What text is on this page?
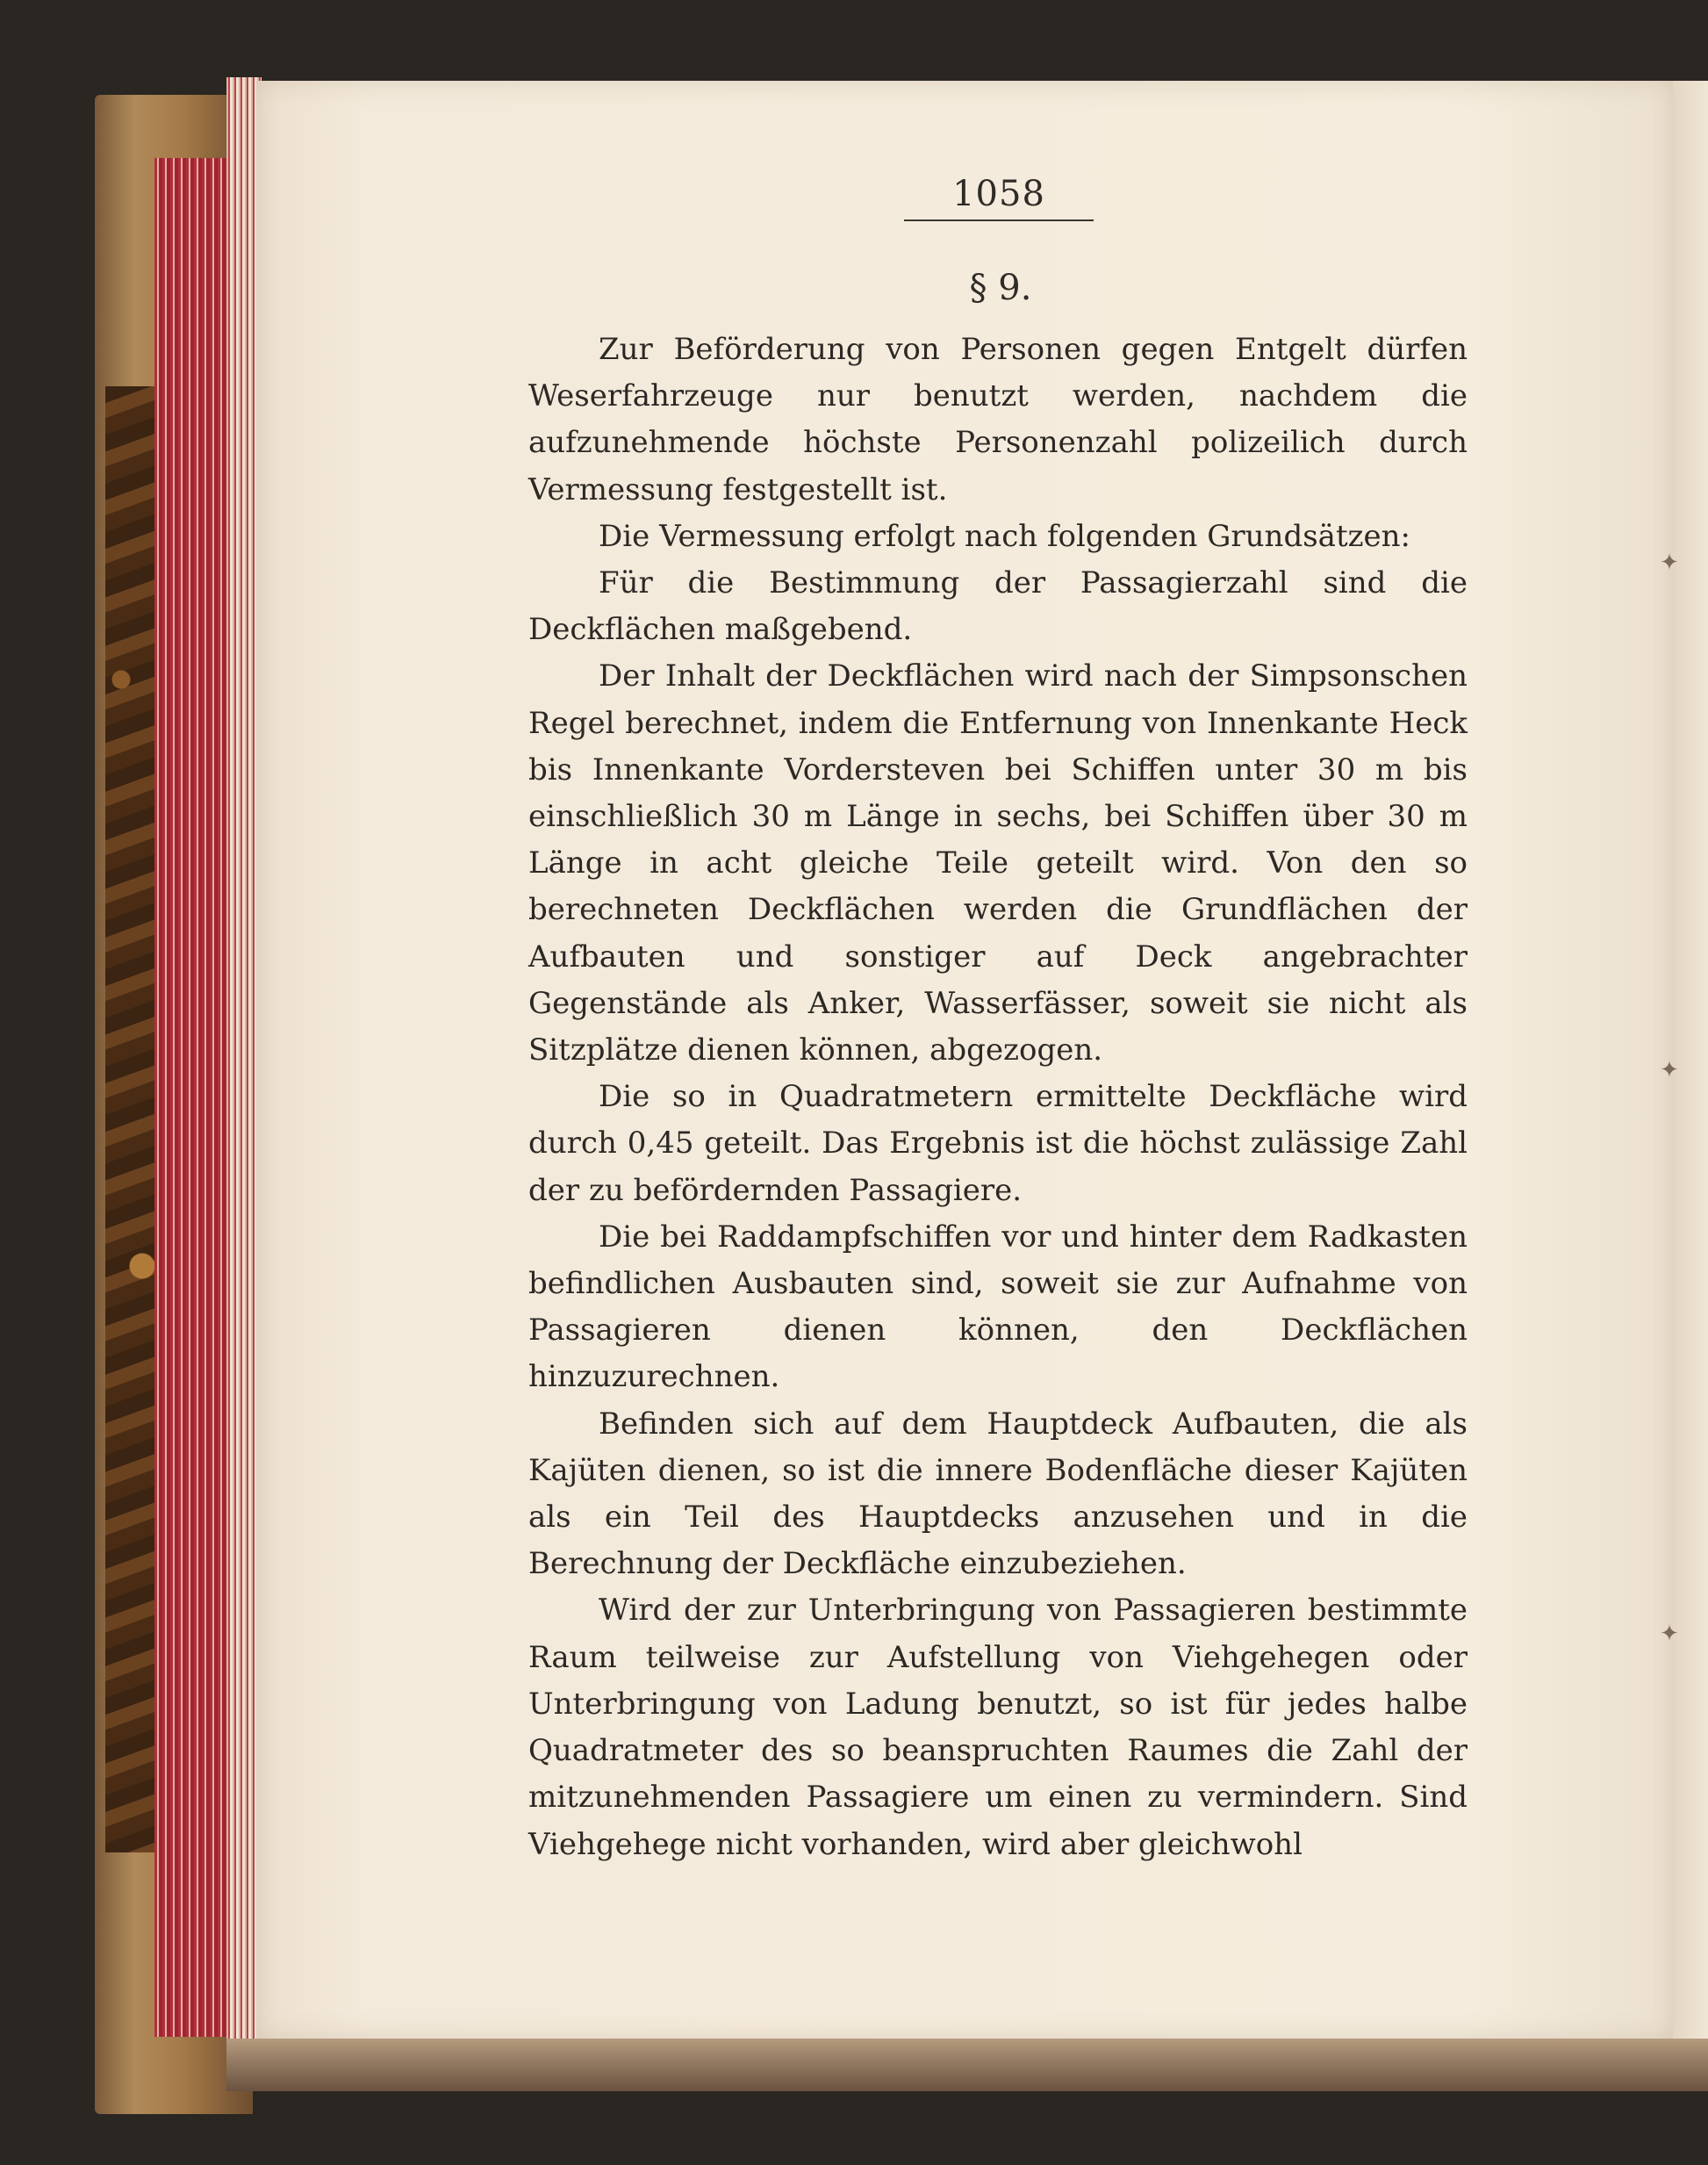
1058
§ 9.

Zur Beförderung von Personen gegen Entgelt dürfen Weserfahrzeuge nur benutzt werden, nachdem die aufzunehmende höchste Personenzahl polizeilich durch Vermessung festgestellt ist.

Die Vermessung erfolgt nach folgenden Grundsätzen:

Für die Bestimmung der Passagierzahl sind die Deckflächen maßgebend.

Der Inhalt der Deckflächen wird nach der Simpsonschen Regel berechnet, indem die Entfernung von Innenkante Heck bis Innenkante Vordersteven bei Schiffen unter 30 m bis einschließlich 30 m Länge in sechs, bei Schiffen über 30 m Länge in acht gleiche Teile geteilt wird. Von den so berechneten Deckflächen werden die Grundflächen der Aufbauten und sonstiger auf Deck angebrachter Gegenstände als Anker, Wasserfässer, soweit sie nicht als Sitzplätze dienen können, abgezogen.

Die so in Quadratmetern ermittelte Deckfläche wird durch 0,45 geteilt. Das Ergebnis ist die höchst zulässige Zahl der zu befördernden Passagiere.

Die bei Raddampfschiffen vor und hinter dem Radkasten befindlichen Ausbauten sind, soweit sie zur Aufnahme von Passagieren dienen können, den Deckflächen hinzuzurechnen.

Befinden sich auf dem Hauptdeck Aufbauten, die als Kajüten dienen, so ist die innere Bodenfläche dieser Kajüten als ein Teil des Hauptdecks anzusehen und in die Berechnung der Deckfläche einzubeziehen.

Wird der zur Unterbringung von Passagieren bestimmte Raum teilweise zur Aufstellung von Viehgehegen oder Unterbringung von Ladung benutzt, so ist für jedes halbe Quadratmeter des so beanspruchten Raumes die Zahl der mitzunehmenden Passagiere um einen zu vermindern. Sind Viehgehege nicht vorhanden, wird aber gleichwohl

✦
✦
✦
